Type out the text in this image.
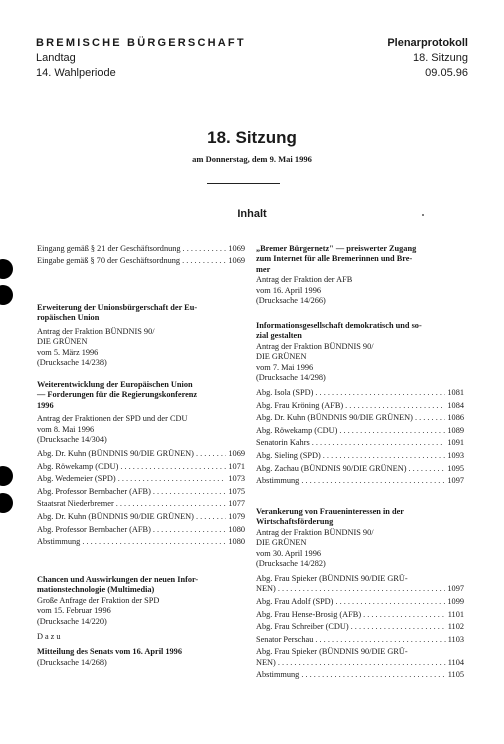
BREMISCHE BÜRGERSCHAFT
Landtag
14. Wahlperiode
Plenarprotokoll
18. Sitzung
09.05.96
18. Sitzung
am Donnerstag, dem 9. Mai 1996
Inhalt
Eingang gemäß § 21 der Geschäftsordnung . . .	1069
Eingabe gemäß § 70 der Geschäftsordnung . . .	1069
Erweiterung der Unionsbürgerschaft der Eu-
ropäischen Union
Antrag der Fraktion BÜNDNIS 90/
DIE GRÜNEN
vom 5. März 1996
(Drucksache 14/238)
Weiterentwicklung der Europäischen Union
— Forderungen für die Regierungskonferenz
1996
Antrag der Fraktionen der SPD und der CDU
vom 8. Mai 1996
(Drucksache 14/304)
Abg. Dr. Kuhn (BÜNDNIS 90/DIE GRÜNEN) . . .	1069
Abg. Röwekamp (CDU) . . .	1071
Abg. Wedemeier (SPD) . . .	1073
Abg. Professor Bernbacher (AFB) . . .	1075
Staatsrat Niederbremer . . .	1077
Abg. Dr. Kuhn (BÜNDNIS 90/DIE GRÜNEN) . . .	1079
Abg. Professor Bernbacher (AFB) . . .	1080
Abstimmung . . .	1080
Chancen und Auswirkungen der neuen Infor-
mationstechnologie (Multimedia)
Große Anfrage der Fraktion der SPD
vom 15. Februar 1996
(Drucksache 14/220)
Dazu
Mitteilung des Senats vom 16. April 1996
(Drucksache 14/268)
„Bremer Bürgernetz" — preiswerter Zugang
zum Internet für alle Bremerinnen und Bre-
mer
Antrag der Fraktion der AFB
vom 16. April 1996
(Drucksache 14/266)
Informationsgesellschaft demokratisch und so-
zial gestalten
Antrag der Fraktion BÜNDNIS 90/
DIE GRÜNEN
vom 7. Mai 1996
(Drucksache 14/298)
Abg. Isola (SPD) . . .	1081
Abg. Frau Kröning (AFB) . . .	1084
Abg. Dr. Kuhn (BÜNDNIS 90/DIE GRÜNEN) . . .	1086
Abg. Röwekamp (CDU) . . .	1089
Senatorin Kahrs . . .	1091
Abg. Sieling (SPD) . . .	1093
Abg. Zachau (BÜNDNIS 90/DIE GRÜNEN) . . .	1095
Abstimmung . . .	1097
Verankerung von Fraueninteressen in der
Wirtschaftsförderung
Antrag der Fraktion BÜNDNIS 90/
DIE GRÜNEN
vom 30. April 1996
(Drucksache 14/282)
Abg. Frau Spieker (BÜNDNIS 90/DIE GRÜ-
NEN) . . .	1097
Abg. Frau Adolf (SPD) . . .	1099
Abg. Frau Hense-Brosig (AFB) . . .	1101
Abg. Frau Schreiber (CDU) . . .	1102
Senator Perschau . . .	1103
Abg. Frau Spieker (BÜNDNIS 90/DIE GRÜ-
NEN) . . .	1104
Abstimmung . . .	1105
